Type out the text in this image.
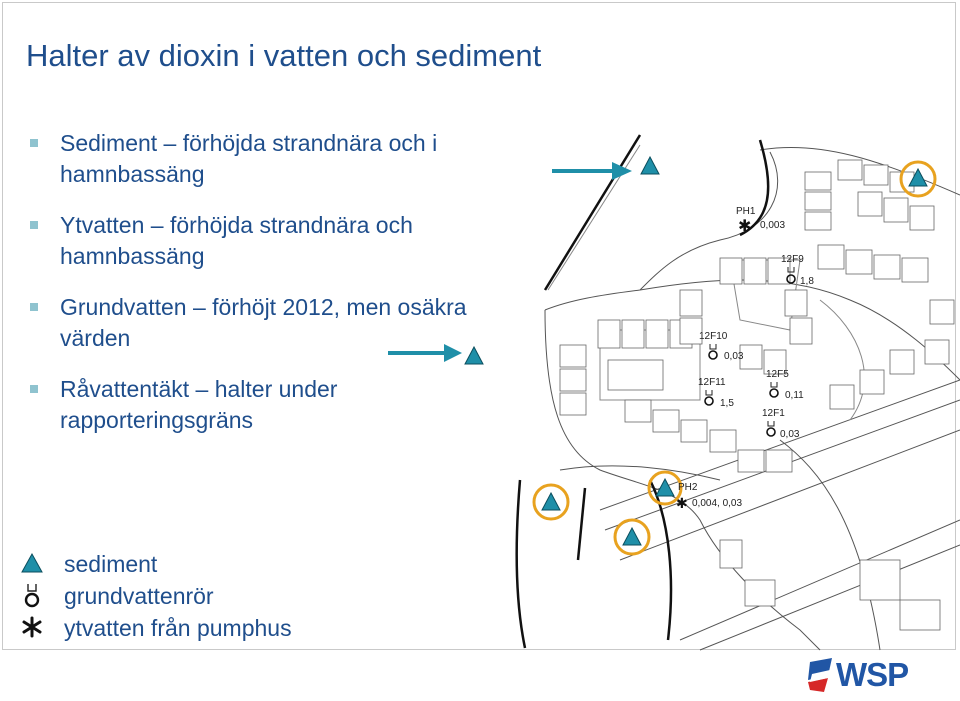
Halter av dioxin i vatten och sediment
Sediment – förhöjda strandnära och i hamnbassäng
Ytvatten – förhöjda strandnära och hamnbassäng
Grundvatten – förhöjt 2012, men osäkra värden
Råvattentäkt – halter under rapporteringsgräns
PH1
✱ 0,003
12F9
1,8
12F10
0,03
12F11
1,5
12F5
0,11
12F1
0,03
PH2
✱ 0,004, 0,03
sediment
grundvattenrör
ytvatten från pumphus
WSP
